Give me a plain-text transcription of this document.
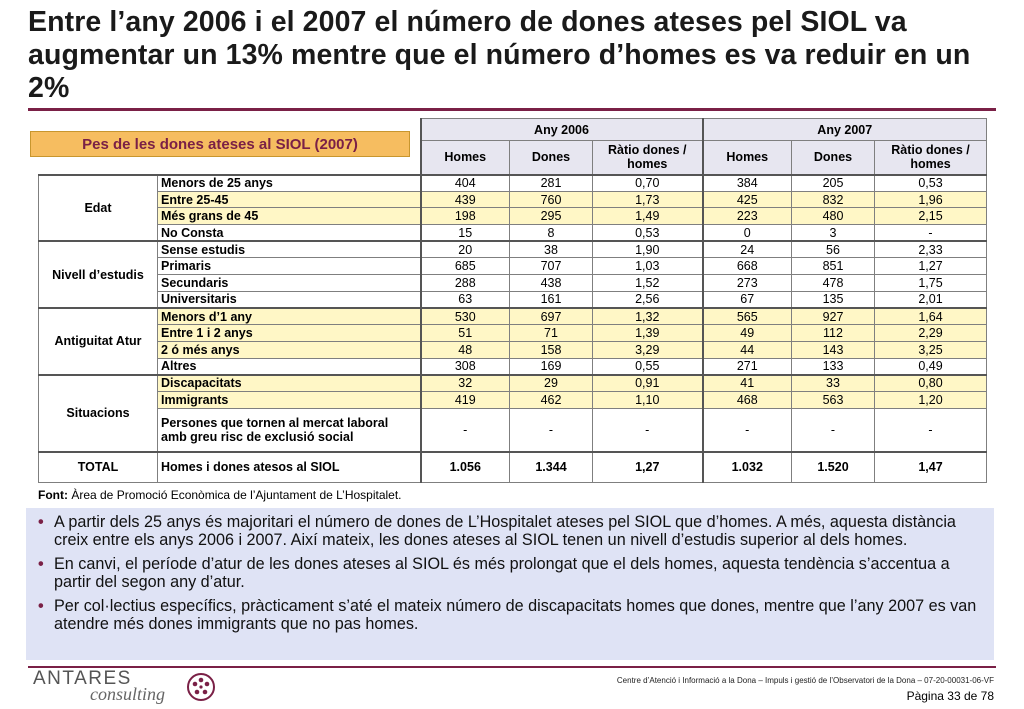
Entre l’any 2006 i el 2007 el número de dones ateses pel SIOL va augmentar un 13% mentre que el número d’homes es va reduir en un 2%
		Any 2006			Any 2007		
		Homes	Dones	Ràtio dones / homes	Homes	Dones	Ràtio dones / homes
Edat	Menors de 25 anys	404	281	0,70	384	205	0,53
	Entre 25-45	439	760	1,73	425	832	1,96
	Més grans de 45	198	295	1,49	223	480	2,15
	No Consta	15	8	0,53	0	3	-
Nivell d’estudis	Sense estudis	20	38	1,90	24	56	2,33
	Primaris	685	707	1,03	668	851	1,27
	Secundaris	288	438	1,52	273	478	1,75
	Universitaris	63	161	2,56	67	135	2,01
Antiguitat Atur	Menors d’1 any	530	697	1,32	565	927	1,64
	Entre 1 i 2 anys	51	71	1,39	49	112	2,29
	2 ó més anys	48	158	3,29	44	143	3,25
	Altres	308	169	0,55	271	133	0,49
Situacions	Discapacitats	32	29	0,91	41	33	0,80
	Immigrants	419	462	1,10	468	563	1,20
	Persones que tornen al mercat laboral amb greu risc de exclusió social	-	-	-	-	-	-
TOTAL	Homes i dones atesos al SIOL	1.056	1.344	1,27	1.032	1.520	1,47
Pes de les dones ateses al SIOL (2007)
Font: Àrea de Promoció Econòmica de l’Ajuntament de L’Hospitalet.
• A partir dels 25 anys és majoritari el número de dones de L’Hospitalet ateses pel SIOL que d’homes. A més, aquesta distància creix entre els anys 2006 i 2007. Així mateix, les dones ateses al SIOL tenen un nivell d’estudis superior al dels homes.
• En canvi, el període d’atur de les dones ateses al SIOL és més prolongat que el dels homes, aquesta tendència s’accentua a partir del segon any d’atur.
• Per col·lectius específics, pràcticament s’até el mateix número de discapacitats homes que dones, mentre que l’any 2007 es van atendre més dones immigrants que no pas homes.
ANTARES
consulting
Centre d’Atenció i Informació a la Dona – Impuls i gestió de l’Observatori de la Dona – 07-20-00031-06-VF
Pàgina 33 de 78
